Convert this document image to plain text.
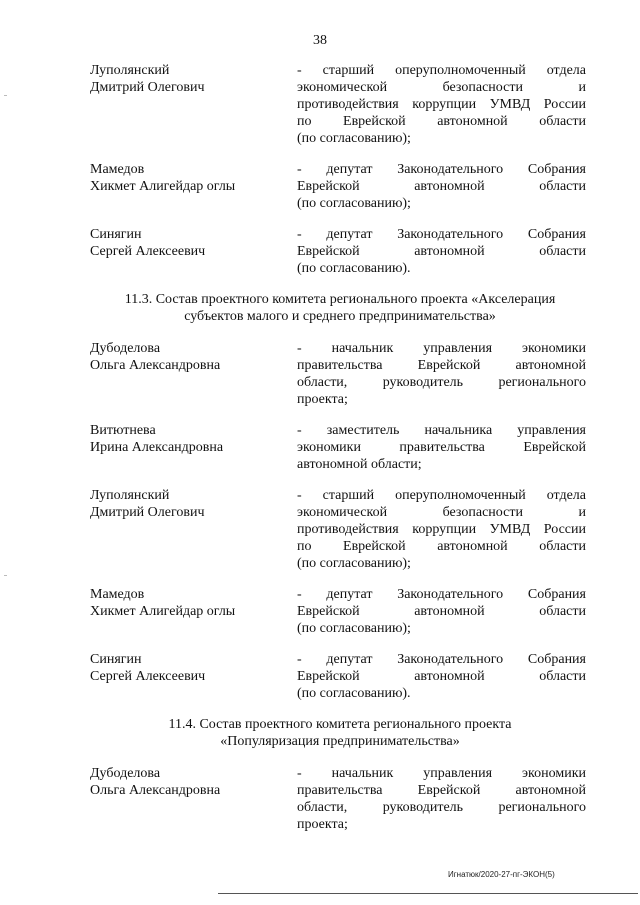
38
Луполянский
Дмитрий Олегович
- старший оперуполномоченный отдела
экономической безопасности и
противодействия коррупции УМВД России
по Еврейской автономной области
(по согласованию);
Мамедов
Хикмет Алигейдар оглы
- депутат Законодательного Собрания
Еврейской автономной области
(по согласованию);
Синягин
Сергей Алексеевич
- депутат Законодательного Собрания
Еврейской автономной области
(по согласованию).
11.3. Состав проектного комитета регионального проекта «Акселерация
субъектов малого и среднего предпринимательства»
Дубоделова
Ольга Александровна
- начальник управления экономики
правительства Еврейской автономной
области, руководитель регионального
проекта;
Витютнева
Ирина Александровна
- заместитель начальника управления
экономики правительства Еврейской
автономной области;
Луполянский
Дмитрий Олегович
- старший оперуполномоченный отдела
экономической безопасности и
противодействия коррупции УМВД России
по Еврейской автономной области
(по согласованию);
Мамедов
Хикмет Алигейдар оглы
- депутат Законодательного Собрания
Еврейской автономной области
(по согласованию);
Синягин
Сергей Алексеевич
- депутат Законодательного Собрания
Еврейской автономной области
(по согласованию).
11.4. Состав проектного комитета регионального проекта
«Популяризация предпринимательства»
Дубоделова
Ольга Александровна
- начальник управления экономики
правительства Еврейской автономной
области, руководитель регионального
проекта;
Игнатюк/2020-27-пг-ЭКОН(5)
